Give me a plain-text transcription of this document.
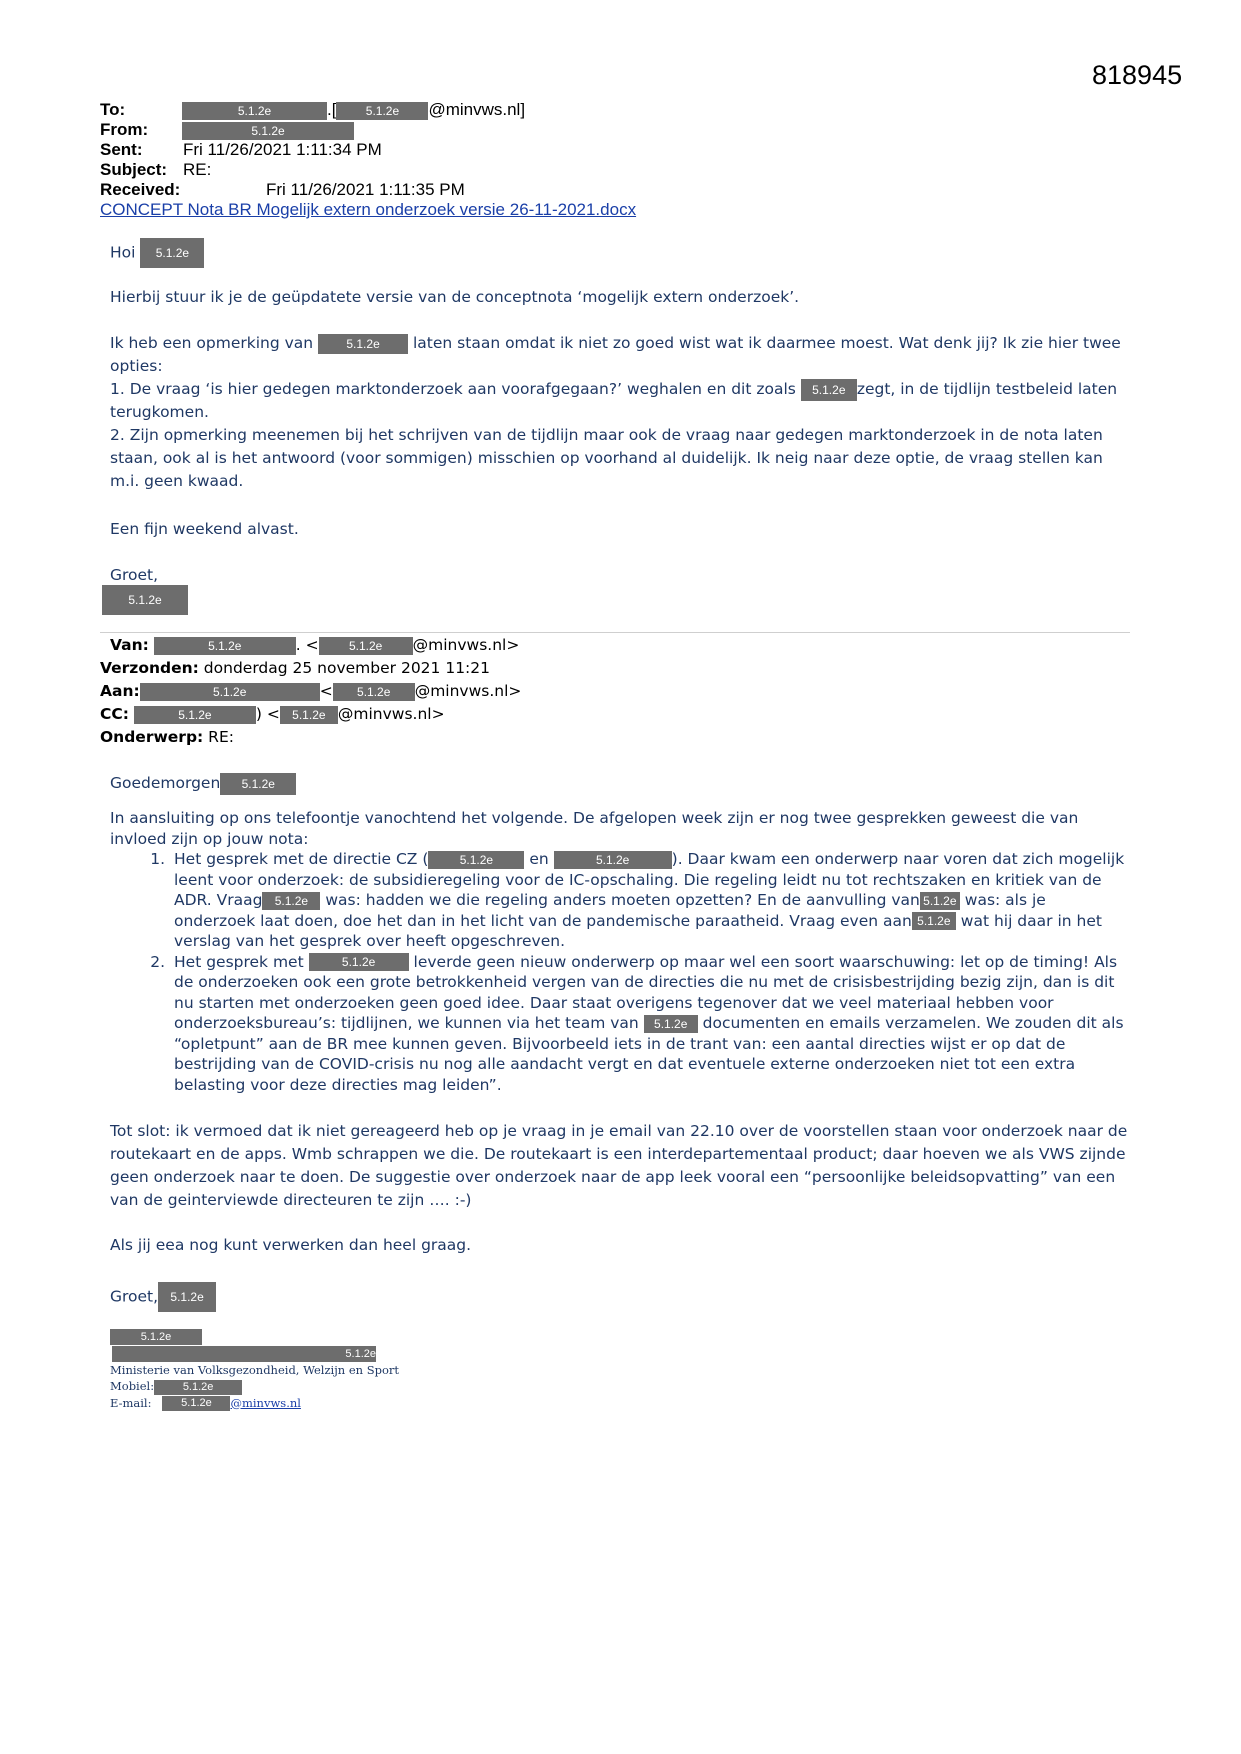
818945
To:	5.1.2e	.[ 5.1.2e @minvws.nl]
From:	5.1.2e
Sent: Fri 11/26/2021 1:11:34 PM
Subject: RE:
Received:	Fri 11/26/2021 1:11:35 PM
CONCEPT Nota BR Mogelijk extern onderzoek versie 26-11-2021.docx
Hoi 5.1.2e
Hierbij stuur ik je de geüpdatete versie van de conceptnota ‘mogelijk extern onderzoek’.
Ik heb een opmerking van	5.1.2e laten staan omdat ik niet zo goed wist wat ik daarmee moest. Wat denk jij? Ik zie hier twee opties:
1. De vraag ‘is hier gedegen marktonderzoek aan voorafgegaan?’ weghalen en dit zoals 5.1.2e zegt, in de tijdlijn testbeleid laten terugkomen.
2. Zijn opmerking meenemen bij het schrijven van de tijdlijn maar ook de vraag naar gedegen marktonderzoek in de nota laten staan, ook al is het antwoord (voor sommigen) misschien op voorhand al duidelijk. Ik neig naar deze optie, de vraag stellen kan m.i. geen kwaad.
Een fijn weekend alvast.
Groet,
5.1.2e
Van:	5.1.2e	. <	5.1.2e @minvws.nl>
Verzonden: donderdag 25 november 2021 11:21
Aan:	5.1.2e	< 5.1.2e @minvws.nl>
CC:	5.1.2e	) < 5.1.2e @minvws.nl>
Onderwerp: RE:
Goedemorgen 5.1.2e
In aansluiting op ons telefoontje vanochtend het volgende. De afgelopen week zijn er nog twee gesprekken geweest die van invloed zijn op jouw nota:
1. Het gesprek met de directie CZ (	5.1.2e en	5.1.2e	). Daar kwam een onderwerp naar voren dat zich mogelijk leent voor onderzoek: de subsidieregeling voor de IC-opschaling. Die regeling leidt nu tot rechtszaken en kritiek van de ADR. Vraag 5.1.2e was: hadden we die regeling anders moeten opzetten? En de aanvulling van 5.1.2e was: als je onderzoek laat doen, doe het dan in het licht van de pandemische paraatheid. Vraag even aan 5.1.2e wat hij daar in het verslag van het gesprek over heeft opgeschreven.
2. Het gesprek met	5.1.2e leverde geen nieuw onderwerp op maar wel een soort waarschuwing: let op de timing! Als de onderzoeken ook een grote betrokkenheid vergen van de directies die nu met de crisisbestrijding bezig zijn, dan is dit nu starten met onderzoeken geen goed idee. Daar staat overigens tegenover dat we veel materiaal hebben voor onderzoeksbureau’s: tijdlijnen, we kunnen via het team van 5.1.2e documenten en emails verzamelen. We zouden dit als “opletpunt” aan de BR mee kunnen geven. Bijvoorbeeld iets in de trant van: een aantal directies wijst er op dat de bestrijding van de COVID-crisis nu nog alle aandacht vergt en dat eventuele externe onderzoeken niet tot een extra belasting voor deze directies mag leiden”.
Tot slot: ik vermoed dat ik niet gereageerd heb op je vraag in je email van 22.10 over de voorstellen staan voor onderzoek naar de routekaart en de apps. Wmb schrappen we die. De routekaart is een interdepartementaal product; daar hoeven we als VWS zijnde geen onderzoek naar te doen. De suggestie over onderzoek naar de app leek vooral een “persoonlijke beleidsopvatting” van een van de geinterviewde directeuren te zijn …. :-)
Als jij eea nog kunt verwerken dan heel graag.
Groet, 5.1.2e
5.1.2e
5.1.2e
Ministerie van Volksgezondheid, Welzijn en Sport
Mobiel:	5.1.2e
E-mail:	5.1.2e @minvws.nl
